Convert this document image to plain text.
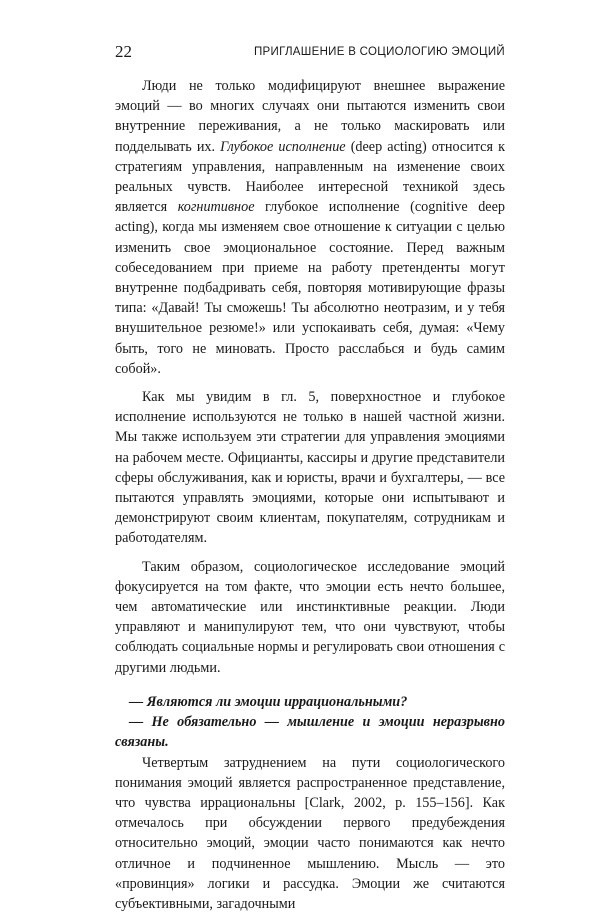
22	ПРИГЛАШЕНИЕ В СОЦИОЛОГИЮ ЭМОЦИЙ

Люди не только модифицируют внешнее выражение эмоций — во многих случаях они пытаются изменить свои внутренние переживания, а не только маскировать или подделывать их. Глубокое исполнение (deep acting) относится к стратегиям управления, направленным на изменение своих реальных чувств. Наиболее интересной техникой здесь является когнитивное глубокое исполнение (cognitive deep acting), когда мы изменяем свое отношение к ситуации с целью изменить свое эмоциональное состояние. Перед важным собеседованием при приеме на работу претенденты могут внутренне подбадривать себя, повторяя мотивирующие фразы типа: «Давай! Ты сможешь! Ты абсолютно неотразим, и у тебя внушительное резюме!» или успокаивать себя, думая: «Чему быть, того не миновать. Просто расслабься и будь самим собой».

Как мы увидим в гл. 5, поверхностное и глубокое исполнение используются не только в нашей частной жизни. Мы также используем эти стратегии для управления эмоциями на рабочем месте. Официанты, кассиры и другие представители сферы обслуживания, как и юристы, врачи и бухгалтеры, — все пытаются управлять эмоциями, которые они испытывают и демонстрируют своим клиентам, покупателям, сотрудникам и работодателям.

Таким образом, социологическое исследование эмоций фокусируется на том факте, что эмоции есть нечто большее, чем автоматические или инстинктивные реакции. Люди управляют и манипулируют тем, что они чувствуют, чтобы соблюдать социальные нормы и регулировать свои отношения с другими людьми.

— Являются ли эмоции иррациональными?

— Не обязательно — мышление и эмоции неразрывно связаны.

Четвертым затруднением на пути социологического понимания эмоций является распространенное представление, что чувства иррациональны [Clark, 2002, p. 155–156]. Как отмечалось при обсуждении первого предубеждения относительно эмоций, эмоции часто понимаются как нечто отличное и подчиненное мышлению. Мысль — это «провинция» логики и рассудка. Эмоции же считаются субъективными, загадочными
